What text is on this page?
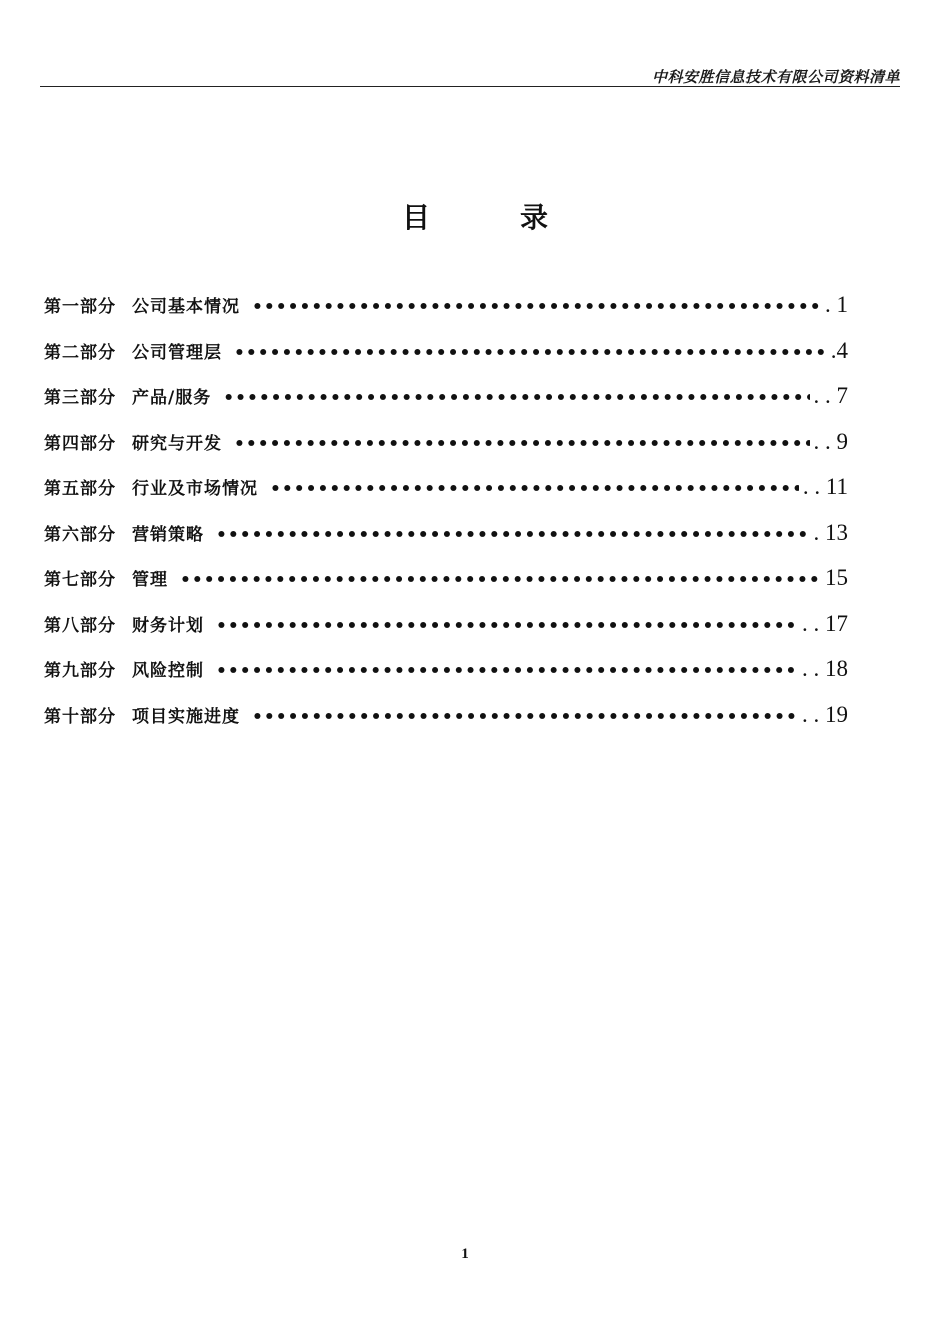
中科安胜信息技术有限公司资料清单
目录
第一部分 公司基本情况 •••••	. 1
第二部分 公司管理层 •••••	.4
第三部分 产品/服务 •••••	. . 7
第四部分 研究与开发 •••••	. . 9
第五部分 行业及市场情况 •••••	. . 11
第六部分 营销策略 •••••	. 13
第七部分 管理 •••••	15
第八部分 财务计划 •••••	. . 17
第九部分 风险控制 •••••	. . 18
第十部分 项目实施进度 •••••	. . 19
1
